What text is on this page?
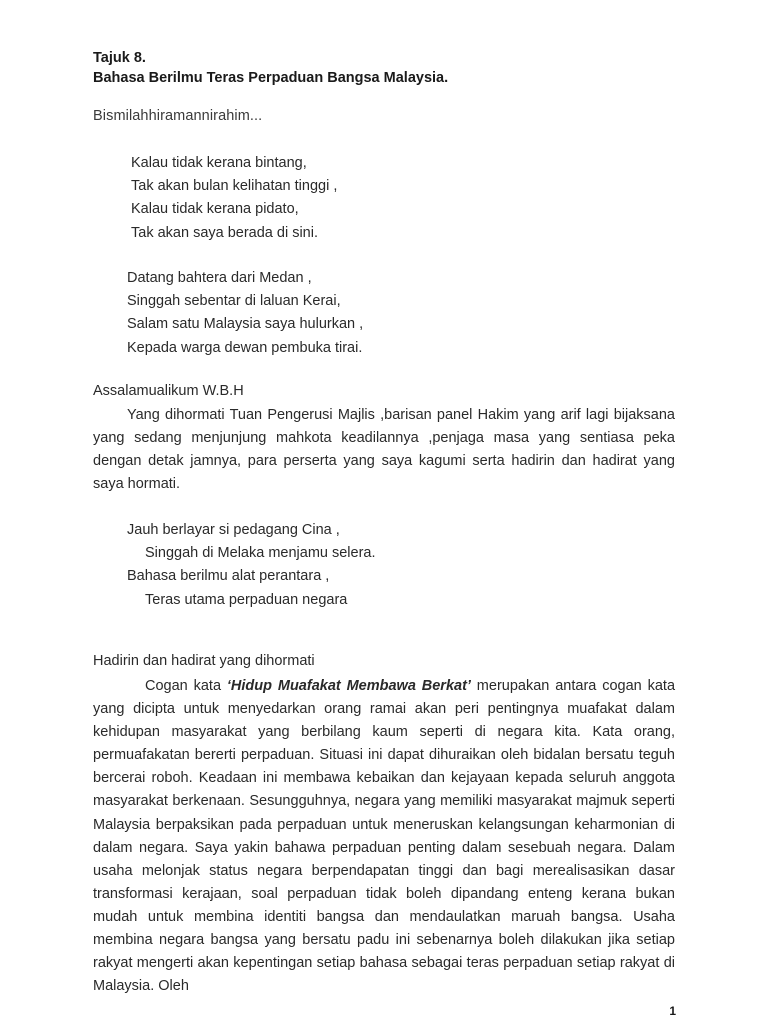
Tajuk 8.
Bahasa Berilmu Teras Perpaduan Bangsa Malaysia.
Bismilahhiramannirahim...
Kalau tidak kerana bintang,
Tak akan bulan kelihatan tinggi ,
Kalau tidak kerana pidato,
Tak akan saya berada di sini.
Datang bahtera dari Medan ,
Singgah sebentar di laluan Kerai,
Salam satu Malaysia saya hulurkan ,
Kepada warga dewan pembuka tirai.
Assalamualikum W.B.H
Yang dihormati Tuan Pengerusi Majlis ,barisan panel Hakim yang arif lagi bijaksana yang sedang menjunjung mahkota keadilannya ,penjaga masa yang sentiasa peka dengan detak jamnya, para perserta yang saya kagumi serta hadirin dan hadirat yang saya hormati.
Jauh berlayar si pedagang Cina ,
Singgah di Melaka menjamu selera.
Bahasa berilmu alat perantara ,
Teras utama perpaduan negara
Hadirin dan hadirat yang dihormati
Cogan kata ‘Hidup Muafakat Membawa Berkat’ merupakan antara cogan kata yang dicipta untuk menyedarkan orang ramai akan peri pentingnya muafakat dalam kehidupan masyarakat yang berbilang kaum seperti di negara kita. Kata orang, permuafakatan bererti perpaduan. Situasi ini dapat dihuraikan oleh bidalan bersatu teguh bercerai roboh. Keadaan ini membawa kebaikan dan kejayaan kepada seluruh anggota masyarakat berkenaan. Sesungguhnya, negara yang memiliki masyarakat majmuk seperti Malaysia berpaksikan pada perpaduan untuk meneruskan kelangsungan keharmonian di dalam negara. Saya yakin bahawa perpaduan penting dalam sesebuah negara. Dalam usaha melonjak status negara berpendapatan tinggi dan bagi merealisasikan dasar transformasi kerajaan, soal perpaduan tidak boleh dipandang enteng kerana bukan mudah untuk membina identiti bangsa dan mendaulatkan maruah bangsa. Usaha membina negara bangsa yang bersatu padu ini sebenarnya boleh dilakukan jika setiap rakyat mengerti akan kepentingan setiap bahasa sebagai teras perpaduan setiap rakyat di Malaysia. Oleh
1
